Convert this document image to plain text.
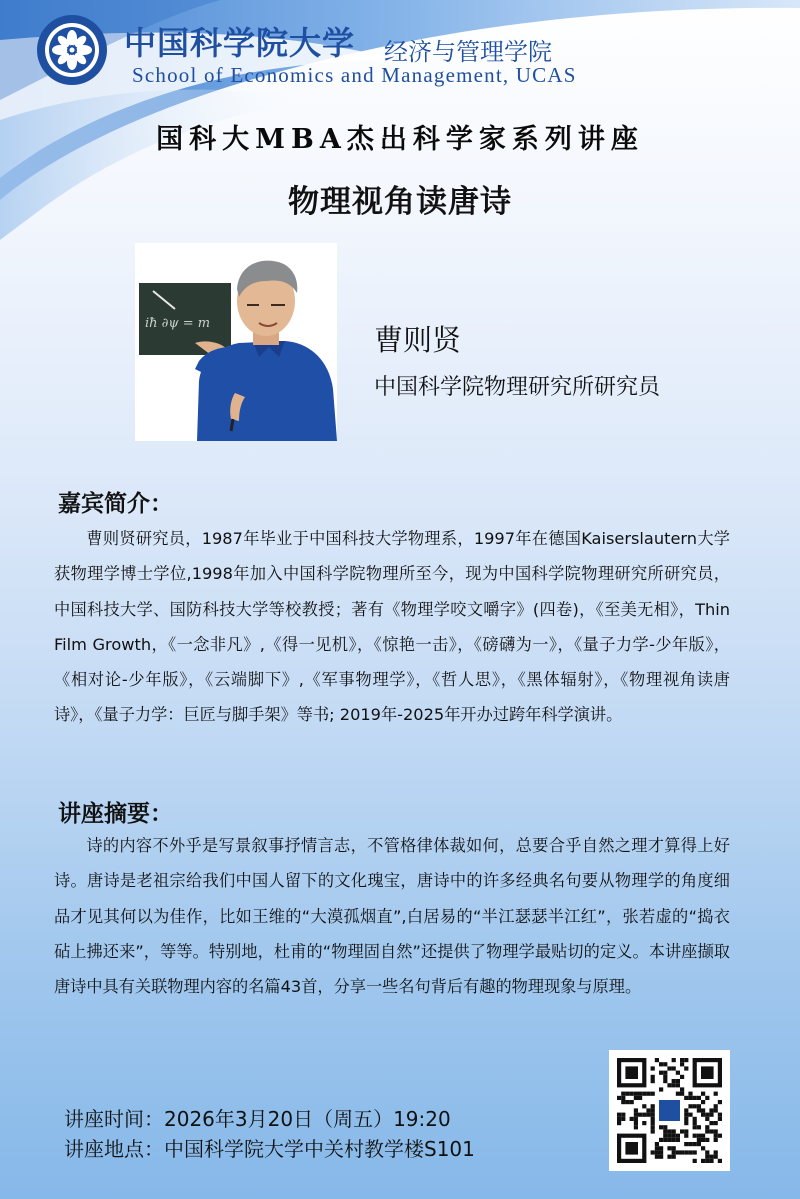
中国科学院大学 经济与管理学院
School of Economics and Management, UCAS
国科大MBA杰出科学家系列讲座
物理视角读唐诗
iħ ∂ψ = m	曹则贤
中国科学院物理研究所研究员
嘉宾简介：
曹则贤研究员，1987年毕业于中国科技大学物理系，1997年在德国Kaiserslautern大学获物理学博士学位,1998年加入中国科学院物理所至今，现为中国科学院物理研究所研究员，中国科技大学、国防科技大学等校教授；著有《物理学咬文嚼字》(四卷)，《至美无相》，Thin Film Growth，《一念非凡》,《得一见机》，《惊艳一击》，《磅礴为一》，《量子力学-少年版》，《相对论-少年版》，《云端脚下》,《军事物理学》，《哲人思》，《黑体辐射》，《物理视角读唐诗》，《量子力学：巨匠与脚手架》等书; 2019年-2025年开办过跨年科学演讲。
讲座摘要：
诗的内容不外乎是写景叙事抒情言志，不管格律体裁如何，总要合乎自然之理才算得上好诗。唐诗是老祖宗给我们中国人留下的文化瑰宝，唐诗中的许多经典名句要从物理学的角度细品才见其何以为佳作，比如王维的“大漠孤烟直”,白居易的“半江瑟瑟半江红”，张若虚的“捣衣砧上拂还来”，等等。特别地，杜甫的“物理固自然”还提供了物理学最贴切的定义。本讲座撷取唐诗中具有关联物理内容的名篇43首，分享一些名句背后有趣的物理现象与原理。
讲座时间：2026年3月20日（周五）19:20
讲座地点：中国科学院大学中关村教学楼S101
